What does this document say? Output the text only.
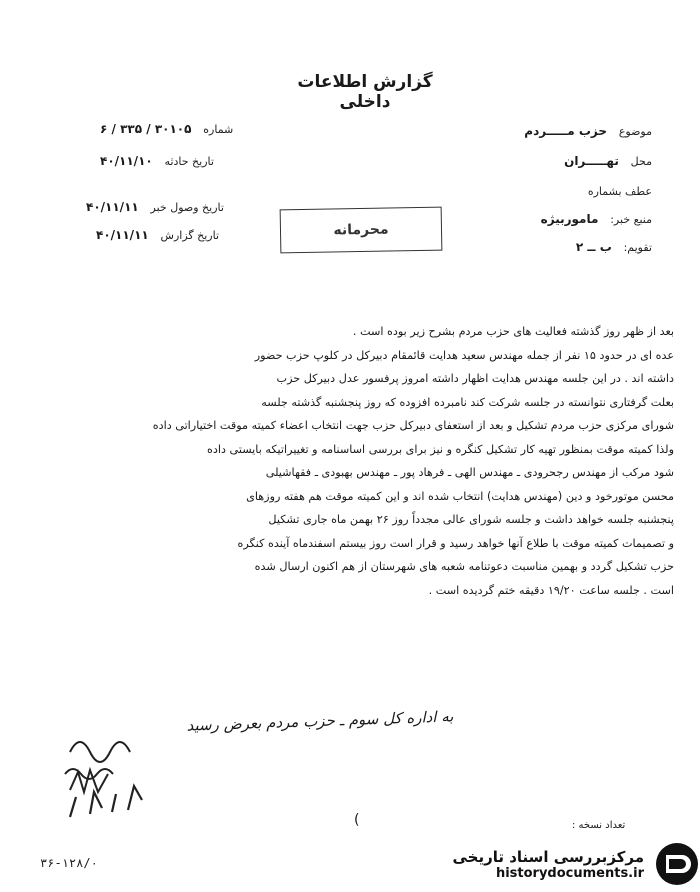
گزارش اطلاعات داخلی
موضوع حزب مـــــردم
محل تهـــــران
عطف بشماره
منبع خبر: ماموربیژه
تقویم: ب ــ ۲
شماره ۳۰۱۰۵ / ۳۳۵ / ۶
تاریخ حادثه ۴۰/۱۱/۱۰
تاریخ وصول خبر ۴۰/۱۱/۱۱
تاریخ گزارش ۴۰/۱۱/۱۱	محرمانه

بعد از ظهر روز گذشته فعالیت های حزب مردم بشرح زیر بوده است .

عده ای در حدود ۱۵ نفر از جمله مهندس سعید هدایت قائمقام دبیرکل در کلوپ حزب حضور

داشته اند . در این جلسه مهندس هدایت اظهار داشته امروز پرفسور عدل دبیرکل حزب

بعلت گرفتاری نتوانسته در جلسه شرکت کند نامبرده افزوده که روز پنجشنبه گذشته جلسه

شورای مرکزی حزب مردم تشکیل و بعد از استعفای دبیرکل حزب جهت انتخاب اعضاء کمیته موقت اختیاراتی داده

ولذا کمیته موقت بمنظور تهیه کار تشکیل کنگره و نیز برای بررسی اساسنامه و تغییراتیکه بایستی داده

شود مرکب از مهندس رجحرودی ـ مهندس الهی ـ فرهاد پور ـ مهندس بهبودی ـ فقهاشیلی

محسن موتورخود و دین (مهندس هدایت) انتخاب شده اند و این کمیته موقت هم هفته روزهای

پنجشنبه جلسه خواهد داشت و جلسه شورای عالی مجدداً روز ۲۶ بهمن ماه جاری تشکیل

و تصمیمات کمیته موقت با طلاع آنها خواهد رسید و قرار است روز بیستم اسفندماه آینده کنگره

حزب تشکیل گردد و بهمین مناسبت دعوتنامه شعبه های شهرستان از هم اکنون ارسال شده

است . جلسه ساعت ۱۹/۲۰ دقیقه ختم گردیده است .

به اداره کل سوم ـ حزب مردم بعرض رسید
(	تعداد نسخه :
۳۶-۱۲۸/۰	مرکزبررسی اسناد تاریخی
historydocuments.ir
